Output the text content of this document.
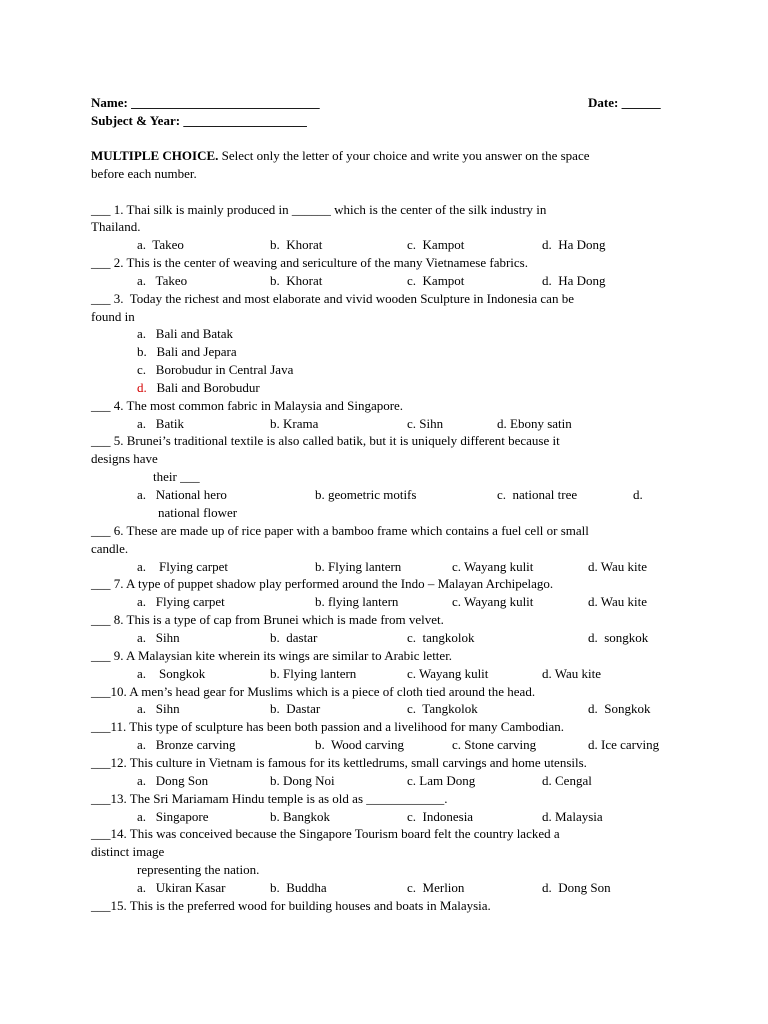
Name: _____________________________	Date: ______
Subject & Year: ___________________
MULTIPLE CHOICE. Select only the letter of your choice and write you answer on the space
before each number.
___ 1. Thai silk is mainly produced in ______ which is the center of the silk industry in
Thailand.
a. Takeo	b. Khorat	c. Kampot	d. Ha Dong
___ 2. This is the center of weaving and sericulture of the many Vietnamese fabrics.
a. Takeo	b. Khorat	c. Kampot	d. Ha Dong
___ 3. Today the richest and most elaborate and vivid wooden Sculpture in Indonesia can be
found in
a. Bali and Batak
b. Bali and Jepara
c. Borobudur in Central Java
d. Bali and Borobudur
___ 4. The most common fabric in Malaysia and Singapore.
a. Batik	b. Krama	c. Sihn	d. Ebony satin
___ 5. Brunei’s traditional textile is also called batik, but it is uniquely different because it
designs have
their ___
a. National hero	b. geometric motifs	c. national tree	d.
national flower
___ 6. These are made up of rice paper with a bamboo frame which contains a fuel cell or small
candle.
a. Flying carpet	b. Flying lantern	c. Wayang kulit	d. Wau kite
___ 7. A type of puppet shadow play performed around the Indo – Malayan Archipelago.
a. Flying carpet	b. flying lantern	c. Wayang kulit	d. Wau kite
___ 8. This is a type of cap from Brunei which is made from velvet.
a. Sihn	b. dastar	c. tangkolok	d. songkok
___ 9. A Malaysian kite wherein its wings are similar to Arabic letter.
a. Songkok	b. Flying lantern	c. Wayang kulit	d. Wau kite
___10. A men’s head gear for Muslims which is a piece of cloth tied around the head.
a. Sihn	b. Dastar	c. Tangkolok	d. Songkok
___11. This type of sculpture has been both passion and a livelihood for many Cambodian.
a. Bronze carving	b. Wood carving	c. Stone carving	d. Ice carving
___12. This culture in Vietnam is famous for its kettledrums, small carvings and home utensils.
a. Dong Son	b. Dong Noi	c. Lam Dong	d. Cengal
___13. The Sri Mariamam Hindu temple is as old as ____________.
a. Singapore	b. Bangkok	c. Indonesia	d. Malaysia
___14. This was conceived because the Singapore Tourism board felt the country lacked a
distinct image
representing the nation.
a. Ukiran Kasar	b. Buddha	c. Merlion	d. Dong Son
___15. This is the preferred wood for building houses and boats in Malaysia.
